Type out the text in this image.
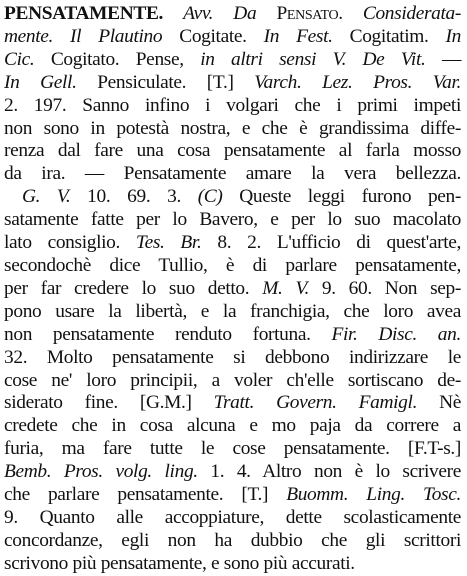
PENSATAMENTE. Avv. Da Pensato. Considerata-
mente. Il Plautino Cogitate. In Fest. Cogitatim. In
Cic. Cogitato. Pense, in altri sensi V. De Vit. —
In Gell. Pensiculate. [T.] Varch. Lez. Pros. Var.
2. 197. Sanno infino i volgari che i primi impeti
non sono in potestà nostra, e che è grandissima diffe-
renza dal fare una cosa pensatamente al farla mosso
da ira. — Pensatamente amare la vera bellezza.
G. V. 10. 69. 3. (C) Queste leggi furono pen-
satamente fatte per lo Bavero, e per lo suo macolato
lato consiglio. Tes. Br. 8. 2. L'ufficio di quest'arte,
secondochè dice Tullio, è di parlare pensatamente,
per far credere lo suo detto. M. V. 9. 60. Non sep-
pono usare la libertà, e la franchigia, che loro avea
non pensatamente renduto fortuna. Fir. Disc. an.
32. Molto pensatamente si debbono indirizzare le
cose ne' loro principii, a voler ch'elle sortiscano de-
siderato fine. [G.M.] Tratt. Govern. Famigl. Nè
credete che in cosa alcuna e mo paja da correre a
furia, ma fare tutte le cose pensatamente. [F.T-s.]
Bemb. Pros. volg. ling. 1. 4. Altro non è lo scrivere
che parlare pensatamente. [T.] Buomm. Ling. Tosc.
9. Quanto alle accoppiature, dette scolasticamente
concordanze, egli non ha dubbio che gli scrittori
scrivono più pensatamente, e sono più accurati.
